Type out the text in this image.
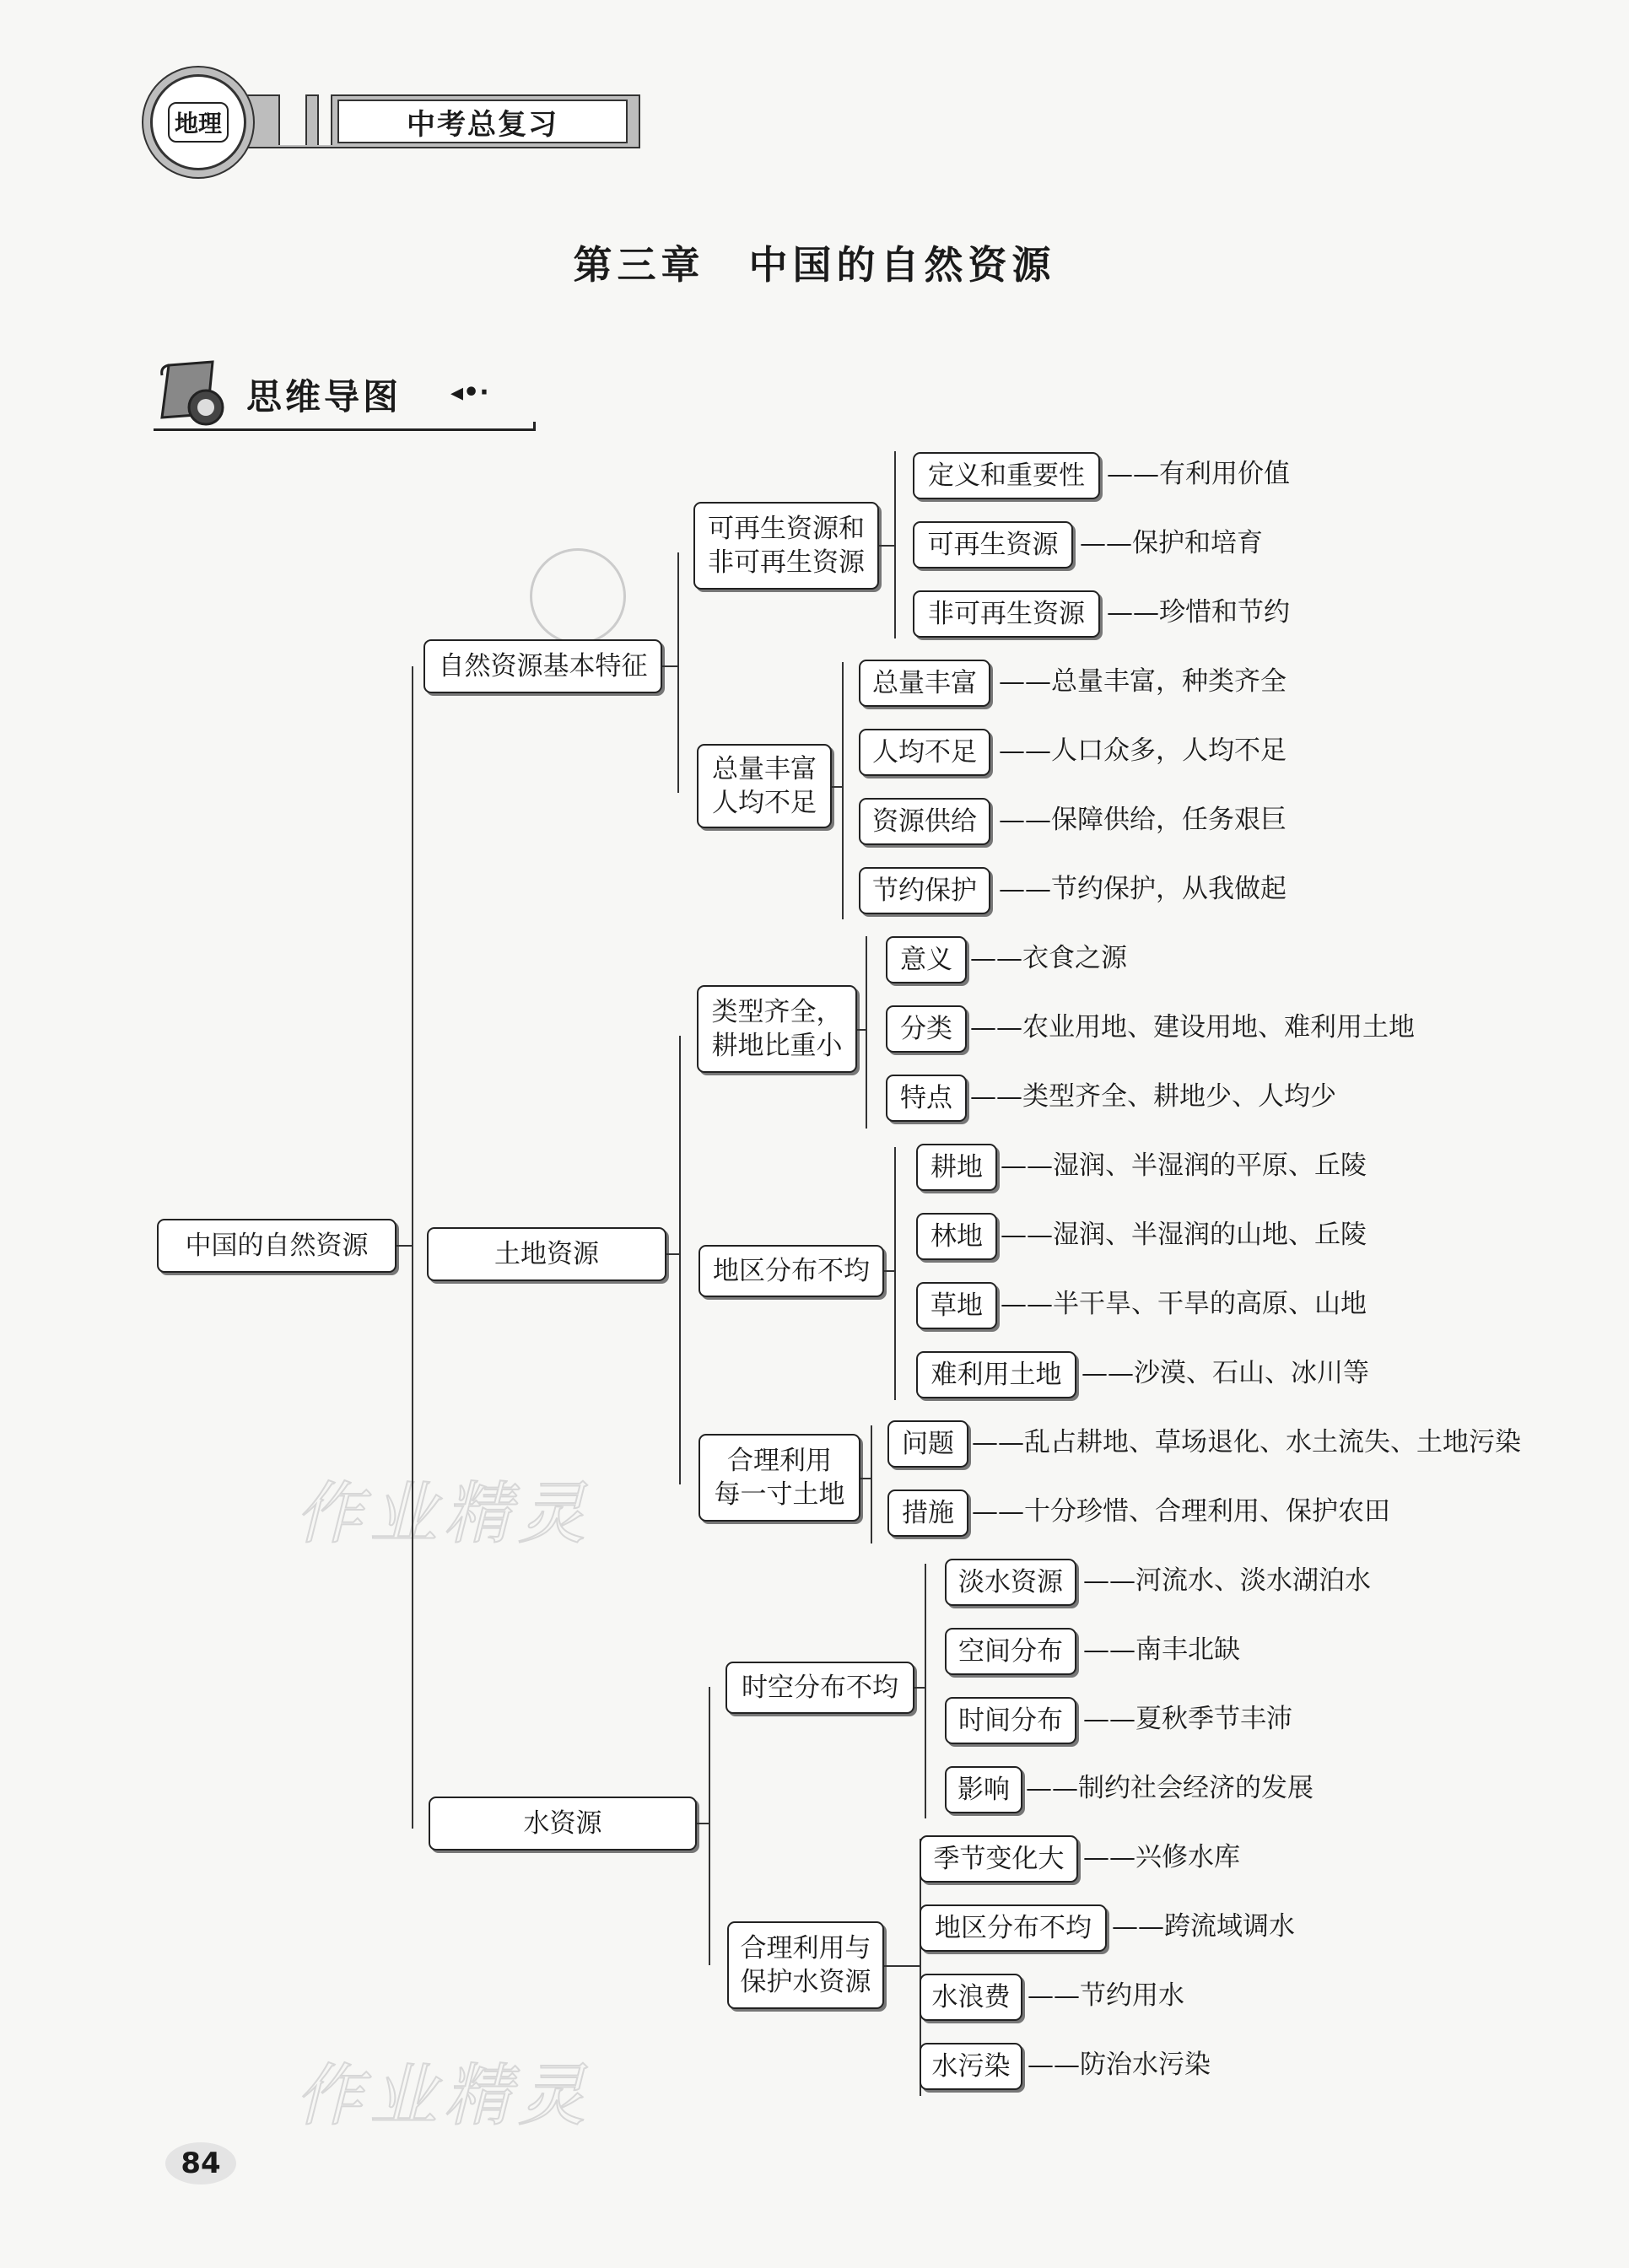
中考总复习
地理
第三章　中国的自然资源
思维导图 ◂•·
作业精灵
作业精灵
中国的自然资源
自然资源基本特征
土地资源
水资源
可再生资源和
非可再生资源
总量丰富
人均不足
定义和重要性 ——有利用价值
可再生资源 ——保护和培育
非可再生资源 ——珍惜和节约
总量丰富 ——总量丰富，种类齐全
人均不足 ——人口众多，人均不足
资源供给 ——保障供给，任务艰巨
节约保护 ——节约保护，从我做起
类型齐全，
耕地比重小
地区分布不均
合理利用
每一寸土地
意义 ——衣食之源
分类 ——农业用地、建设用地、难利用土地
特点 ——类型齐全、耕地少、人均少
耕地 ——湿润、半湿润的平原、丘陵
林地 ——湿润、半湿润的山地、丘陵
草地 ——半干旱、干旱的高原、山地
难利用土地 ——沙漠、石山、冰川等
问题 ——乱占耕地、草场退化、水土流失、土地污染
措施 ——十分珍惜、合理利用、保护农田
时空分布不均
合理利用与
保护水资源
淡水资源 ——河流水、淡水湖泊水
空间分布 ——南丰北缺
时间分布 ——夏秋季节丰沛
影响 ——制约社会经济的发展
季节变化大 ——兴修水库
地区分布不均 ——跨流域调水
水浪费 ——节约用水
水污染 ——防治水污染
84
